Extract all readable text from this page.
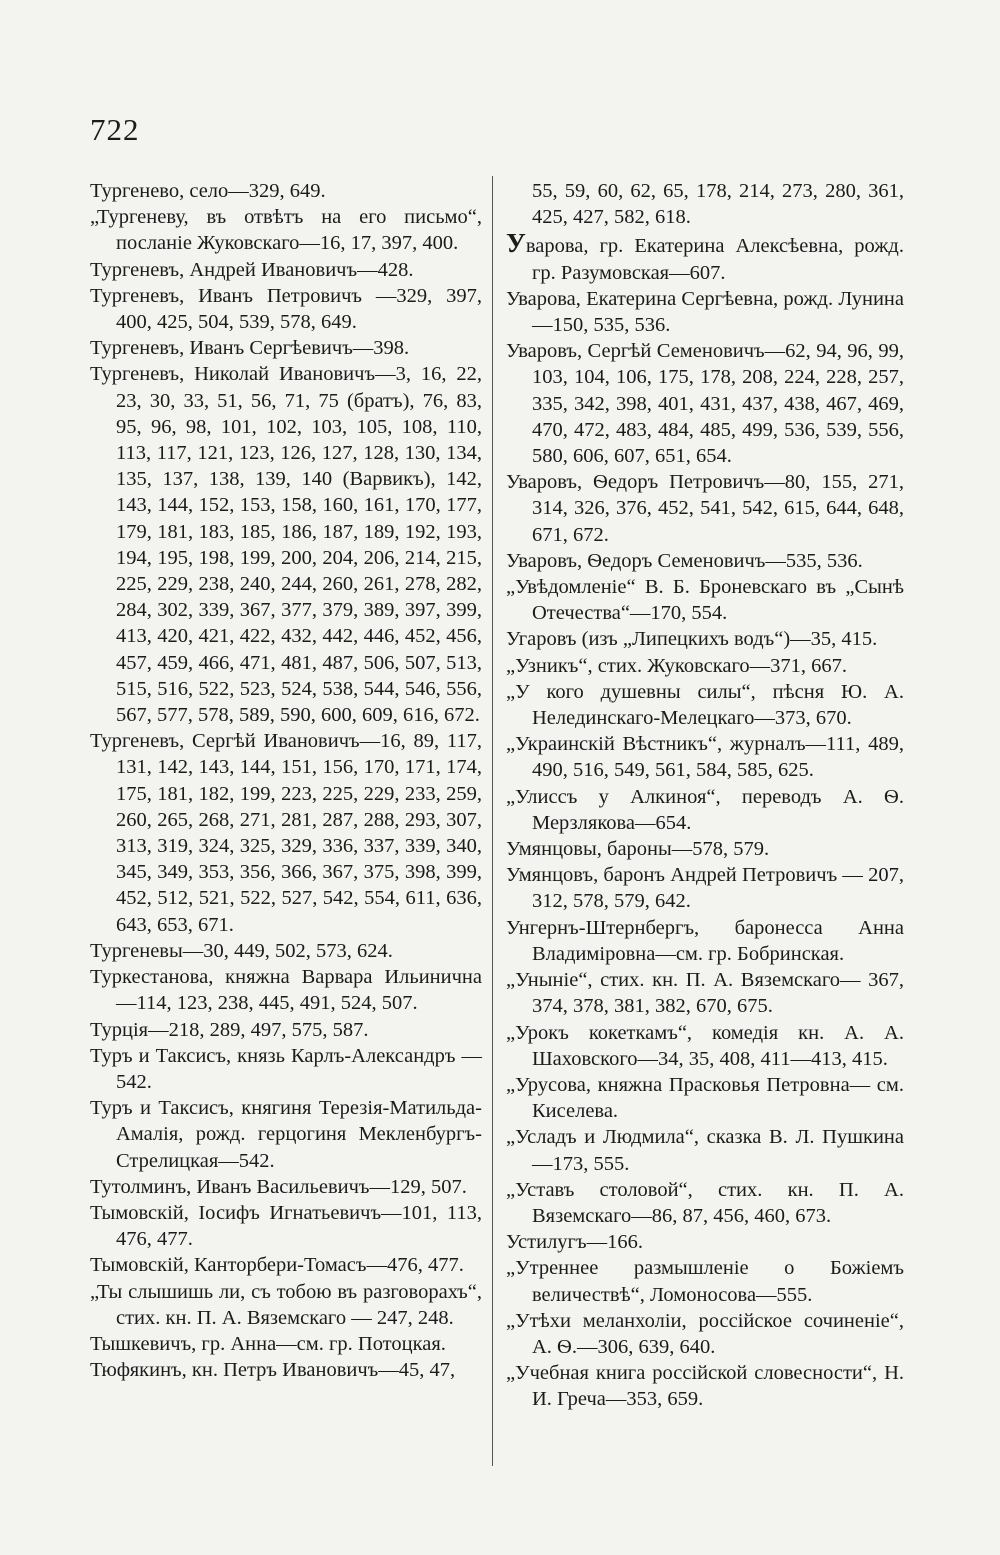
722
Тургенево, село—329, 649.
„Тургеневу, въ отвѣтъ на его письмо“, посланіе Жуковскаго—16, 17, 397, 400.
Тургеневъ, Андрей Ивановичъ—428.
Тургеневъ, Иванъ Петровичъ —329, 397, 400, 425, 504, 539, 578, 649.
Тургеневъ, Иванъ Сергѣевичъ—398.
Тургеневъ, Николай Ивановичъ—3, 16, 22, 23, 30, 33, 51, 56, 71, 75 (братъ), 76, 83, 95, 96, 98, 101, 102, 103, 105, 108, 110, 113, 117, 121, 123, 126, 127, 128, 130, 134, 135, 137, 138, 139, 140 (Варвикъ), 142, 143, 144, 152, 153, 158, 160, 161, 170, 177, 179, 181, 183, 185, 186, 187, 189, 192, 193, 194, 195, 198, 199, 200, 204, 206, 214, 215, 225, 229, 238, 240, 244, 260, 261, 278, 282, 284, 302, 339, 367, 377, 379, 389, 397, 399, 413, 420, 421, 422, 432, 442, 446, 452, 456, 457, 459, 466, 471, 481, 487, 506, 507, 513, 515, 516, 522, 523, 524, 538, 544, 546, 556, 567, 577, 578, 589, 590, 600, 609, 616, 672.
Тургеневъ, Сергѣй Ивановичъ—16, 89, 117, 131, 142, 143, 144, 151, 156, 170, 171, 174, 175, 181, 182, 199, 223, 225, 229, 233, 259, 260, 265, 268, 271, 281, 287, 288, 293, 307, 313, 319, 324, 325, 329, 336, 337, 339, 340, 345, 349, 353, 356, 366, 367, 375, 398, 399, 452, 512, 521, 522, 527, 542, 554, 611, 636, 643, 653, 671.
Тургеневы—30, 449, 502, 573, 624.
Туркестанова, княжна Варвара Ильинична —114, 123, 238, 445, 491, 524, 507.
Турція—218, 289, 497, 575, 587.
Туръ и Таксисъ, князь Карлъ-Александръ —542.
Туръ и Таксисъ, княгиня Терезія-Матильда-Амалія, рожд. герцогиня Мекленбургъ-Стрелицкая—542.
Тутолминъ, Иванъ Васильевичъ—129, 507.
Тымовскій, Іосифъ Игнатьевичъ—101, 113, 476, 477.
Тымовскій, Канторбери-Томасъ—476, 477.
„Ты слышишь ли, съ тобою въ разговорахъ“, стих. кн. П. А. Вяземскаго — 247, 248.
Тышкевичъ, гр. Анна—см. гр. Потоцкая.
Тюфякинъ, кн. Петръ Ивановичъ—45, 47,
55, 59, 60, 62, 65, 178, 214, 273, 280, 361, 425, 427, 582, 618.
Уварова, гр. Екатерина Алексѣевна, рожд. гр. Разумовская—607.
Уварова, Екатерина Сергѣевна, рожд. Лунина—150, 535, 536.
Уваровъ, Сергѣй Семеновичъ—62, 94, 96, 99, 103, 104, 106, 175, 178, 208, 224, 228, 257, 335, 342, 398, 401, 431, 437, 438, 467, 469, 470, 472, 483, 484, 485, 499, 536, 539, 556, 580, 606, 607, 651, 654.
Уваровъ, Ѳедоръ Петровичъ—80, 155, 271, 314, 326, 376, 452, 541, 542, 615, 644, 648, 671, 672.
Уваровъ, Ѳедоръ Семеновичъ—535, 536.
„Увѣдомленіе“ В. Б. Броневскаго въ „Сынѣ Отечества“—170, 554.
Угаровъ (изъ „Липецкихъ водъ“)—35, 415.
„Узникъ“, стих. Жуковскаго—371, 667.
„У кого душевны силы“, пѣсня Ю. А. Нелединскаго-Мелецкаго—373, 670.
„Украинскій Вѣстникъ“, журналъ—111, 489, 490, 516, 549, 561, 584, 585, 625.
„Улиссъ у Алкиноя“, переводъ А. Ѳ. Мерзлякова—654.
Умянцовы, бароны—578, 579.
Умянцовъ, баронъ Андрей Петровичъ — 207, 312, 578, 579, 642.
Унгернъ-Штернбергъ, баронесса Анна Владиміровна—см. гр. Бобринская.
„Уныніе“, стих. кн. П. А. Вяземскаго— 367, 374, 378, 381, 382, 670, 675.
„Урокъ кокеткамъ“, комедія кн. А. А. Шаховского—34, 35, 408, 411—413, 415.
„Урусова, княжна Прасковья Петровна— см. Киселева.
„Усладъ и Людмила“, сказка В. Л. Пушкина—173, 555.
„Уставъ столовой“, стих. кн. П. А. Вяземскаго—86, 87, 456, 460, 673.
Устилугъ—166.
„Утреннее размышленіе о Божіемъ величествѣ“, Ломоносова—555.
„Утѣхи меланхоліи, россійское сочиненіе“, А. Ѳ.—306, 639, 640.
„Учебная книга россійской словесности“, Н. И. Греча—353, 659.
